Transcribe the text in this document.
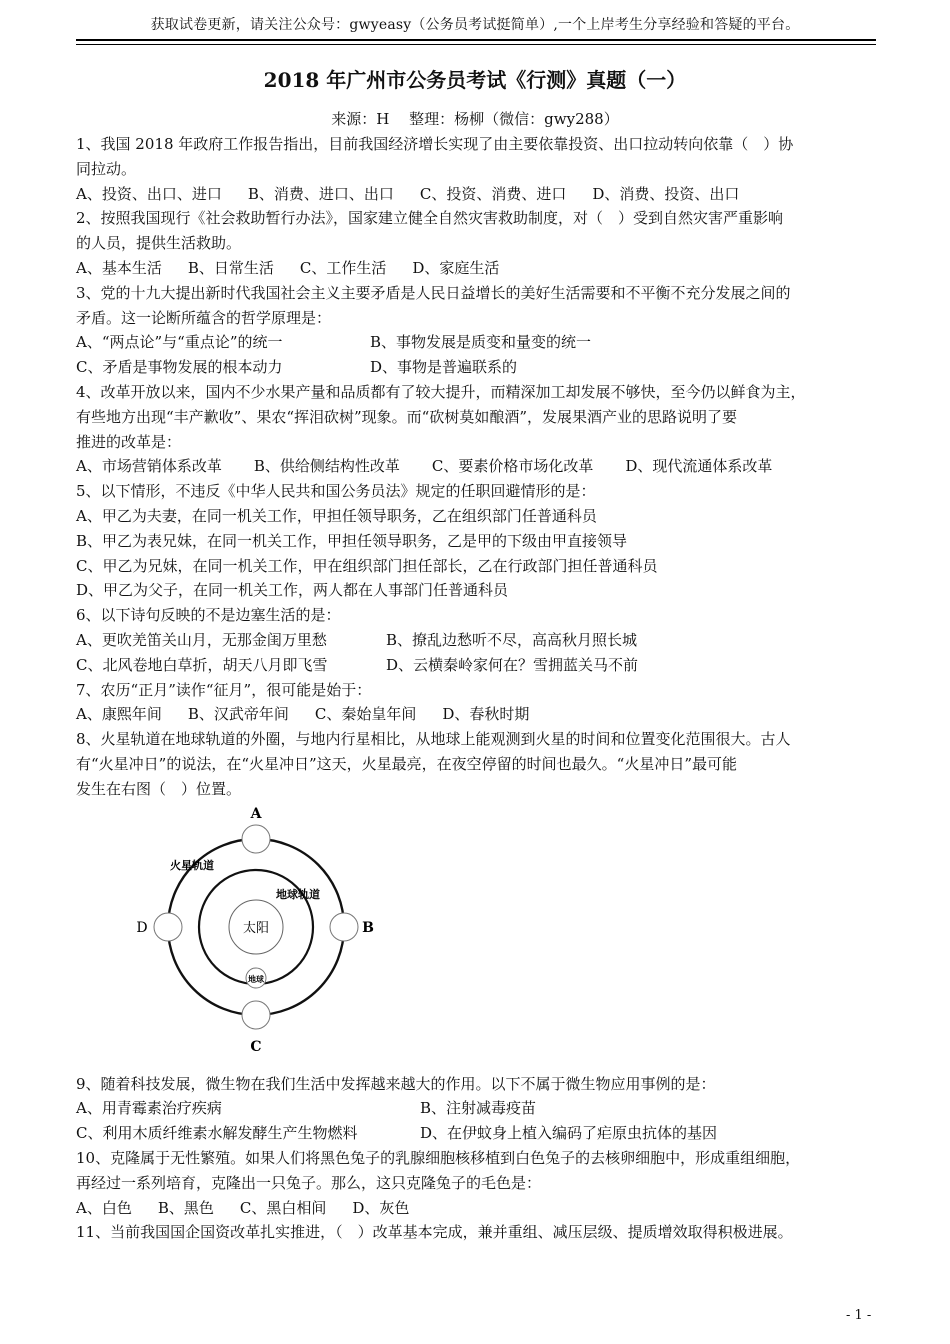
获取试卷更新，请关注公众号：gwyeasy（公务员考试挺简单）,一个上岸考生分享经验和答疑的平台。
2018 年广州市公务员考试《行测》真题（一）
来源：H　 整理：杨柳（微信：gwy288）
1、我国 2018 年政府工作报告指出，目前我国经济增长实现了由主要依靠投资、出口拉动转向依靠（　）协
同拉动。
A、投资、出口、进口 B、消费、进口、出口 C、投资、消费、进口 D、消费、投资、出口
2、按照我国现行《社会救助暂行办法》，国家建立健全自然灾害救助制度，对（　）受到自然灾害严重影响
的人员，提供生活救助。
A、基本生活 B、日常生活 C、工作生活 D、家庭生活
3、党的十九大提出新时代我国社会主义主要矛盾是人民日益增长的美好生活需要和不平衡不充分发展之间的
矛盾。这一论断所蕴含的哲学原理是：
A、“两点论”与“重点论”的统一	B、事物发展是质变和量变的统一
C、矛盾是事物发展的根本动力	D、事物是普遍联系的
4、改革开放以来，国内不少水果产量和品质都有了较大提升，而精深加工却发展不够快，至今仍以鲜食为主，
有些地方出现“丰产歉收”、果农“挥泪砍树”现象。而“砍树莫如酿酒”，发展果酒产业的思路说明了要
推进的改革是：
A、市场营销体系改革 B、供给侧结构性改革 C、要素价格市场化改革 D、现代流通体系改革
5、以下情形，不违反《中华人民共和国公务员法》规定的任职回避情形的是：
A、甲乙为夫妻，在同一机关工作，甲担任领导职务，乙在组织部门任普通科员
B、甲乙为表兄妹，在同一机关工作，甲担任领导职务，乙是甲的下级由甲直接领导
C、甲乙为兄妹，在同一机关工作，甲在组织部门担任部长，乙在行政部门担任普通科员
D、甲乙为父子，在同一机关工作，两人都在人事部门任普通科员
6、以下诗句反映的不是边塞生活的是：
A、更吹羌笛关山月，无那金闺万里愁	B、撩乱边愁听不尽，高高秋月照长城
C、北风卷地白草折，胡天八月即飞雪	D、云横秦岭家何在？雪拥蓝关马不前
7、农历“正月”读作“征月”，很可能是始于：
A、康熙年间 B、汉武帝年间 C、秦始皇年间 D、春秋时期
8、火星轨道在地球轨道的外圈，与地内行星相比，从地球上能观测到火星的时间和位置变化范围很大。古人
有“火星冲日”的说法，在“火星冲日”这天，火星最亮，在夜空停留的时间也最久。“火星冲日”最可能
发生在右图（　）位置。
A
B
C
D
火星轨道
地球轨道
太阳
地球
9、随着科技发展，微生物在我们生活中发挥越来越大的作用。以下不属于微生物应用事例的是：
A、用青霉素治疗疾病	B、注射减毒疫苗
C、利用木质纤维素水解发酵生产生物燃料	D、在伊蚊身上植入编码了疟原虫抗体的基因
10、克隆属于无性繁殖。如果人们将黑色兔子的乳腺细胞核移植到白色兔子的去核卵细胞中，形成重组细胞，
再经过一系列培育，克隆出一只兔子。那么，这只克隆兔子的毛色是：
A、白色 B、黑色 C、黑白相间 D、灰色
11、当前我国国企国资改革扎实推进，（　）改革基本完成，兼并重组、减压层级、提质增效取得积极进展。
- 1 -
